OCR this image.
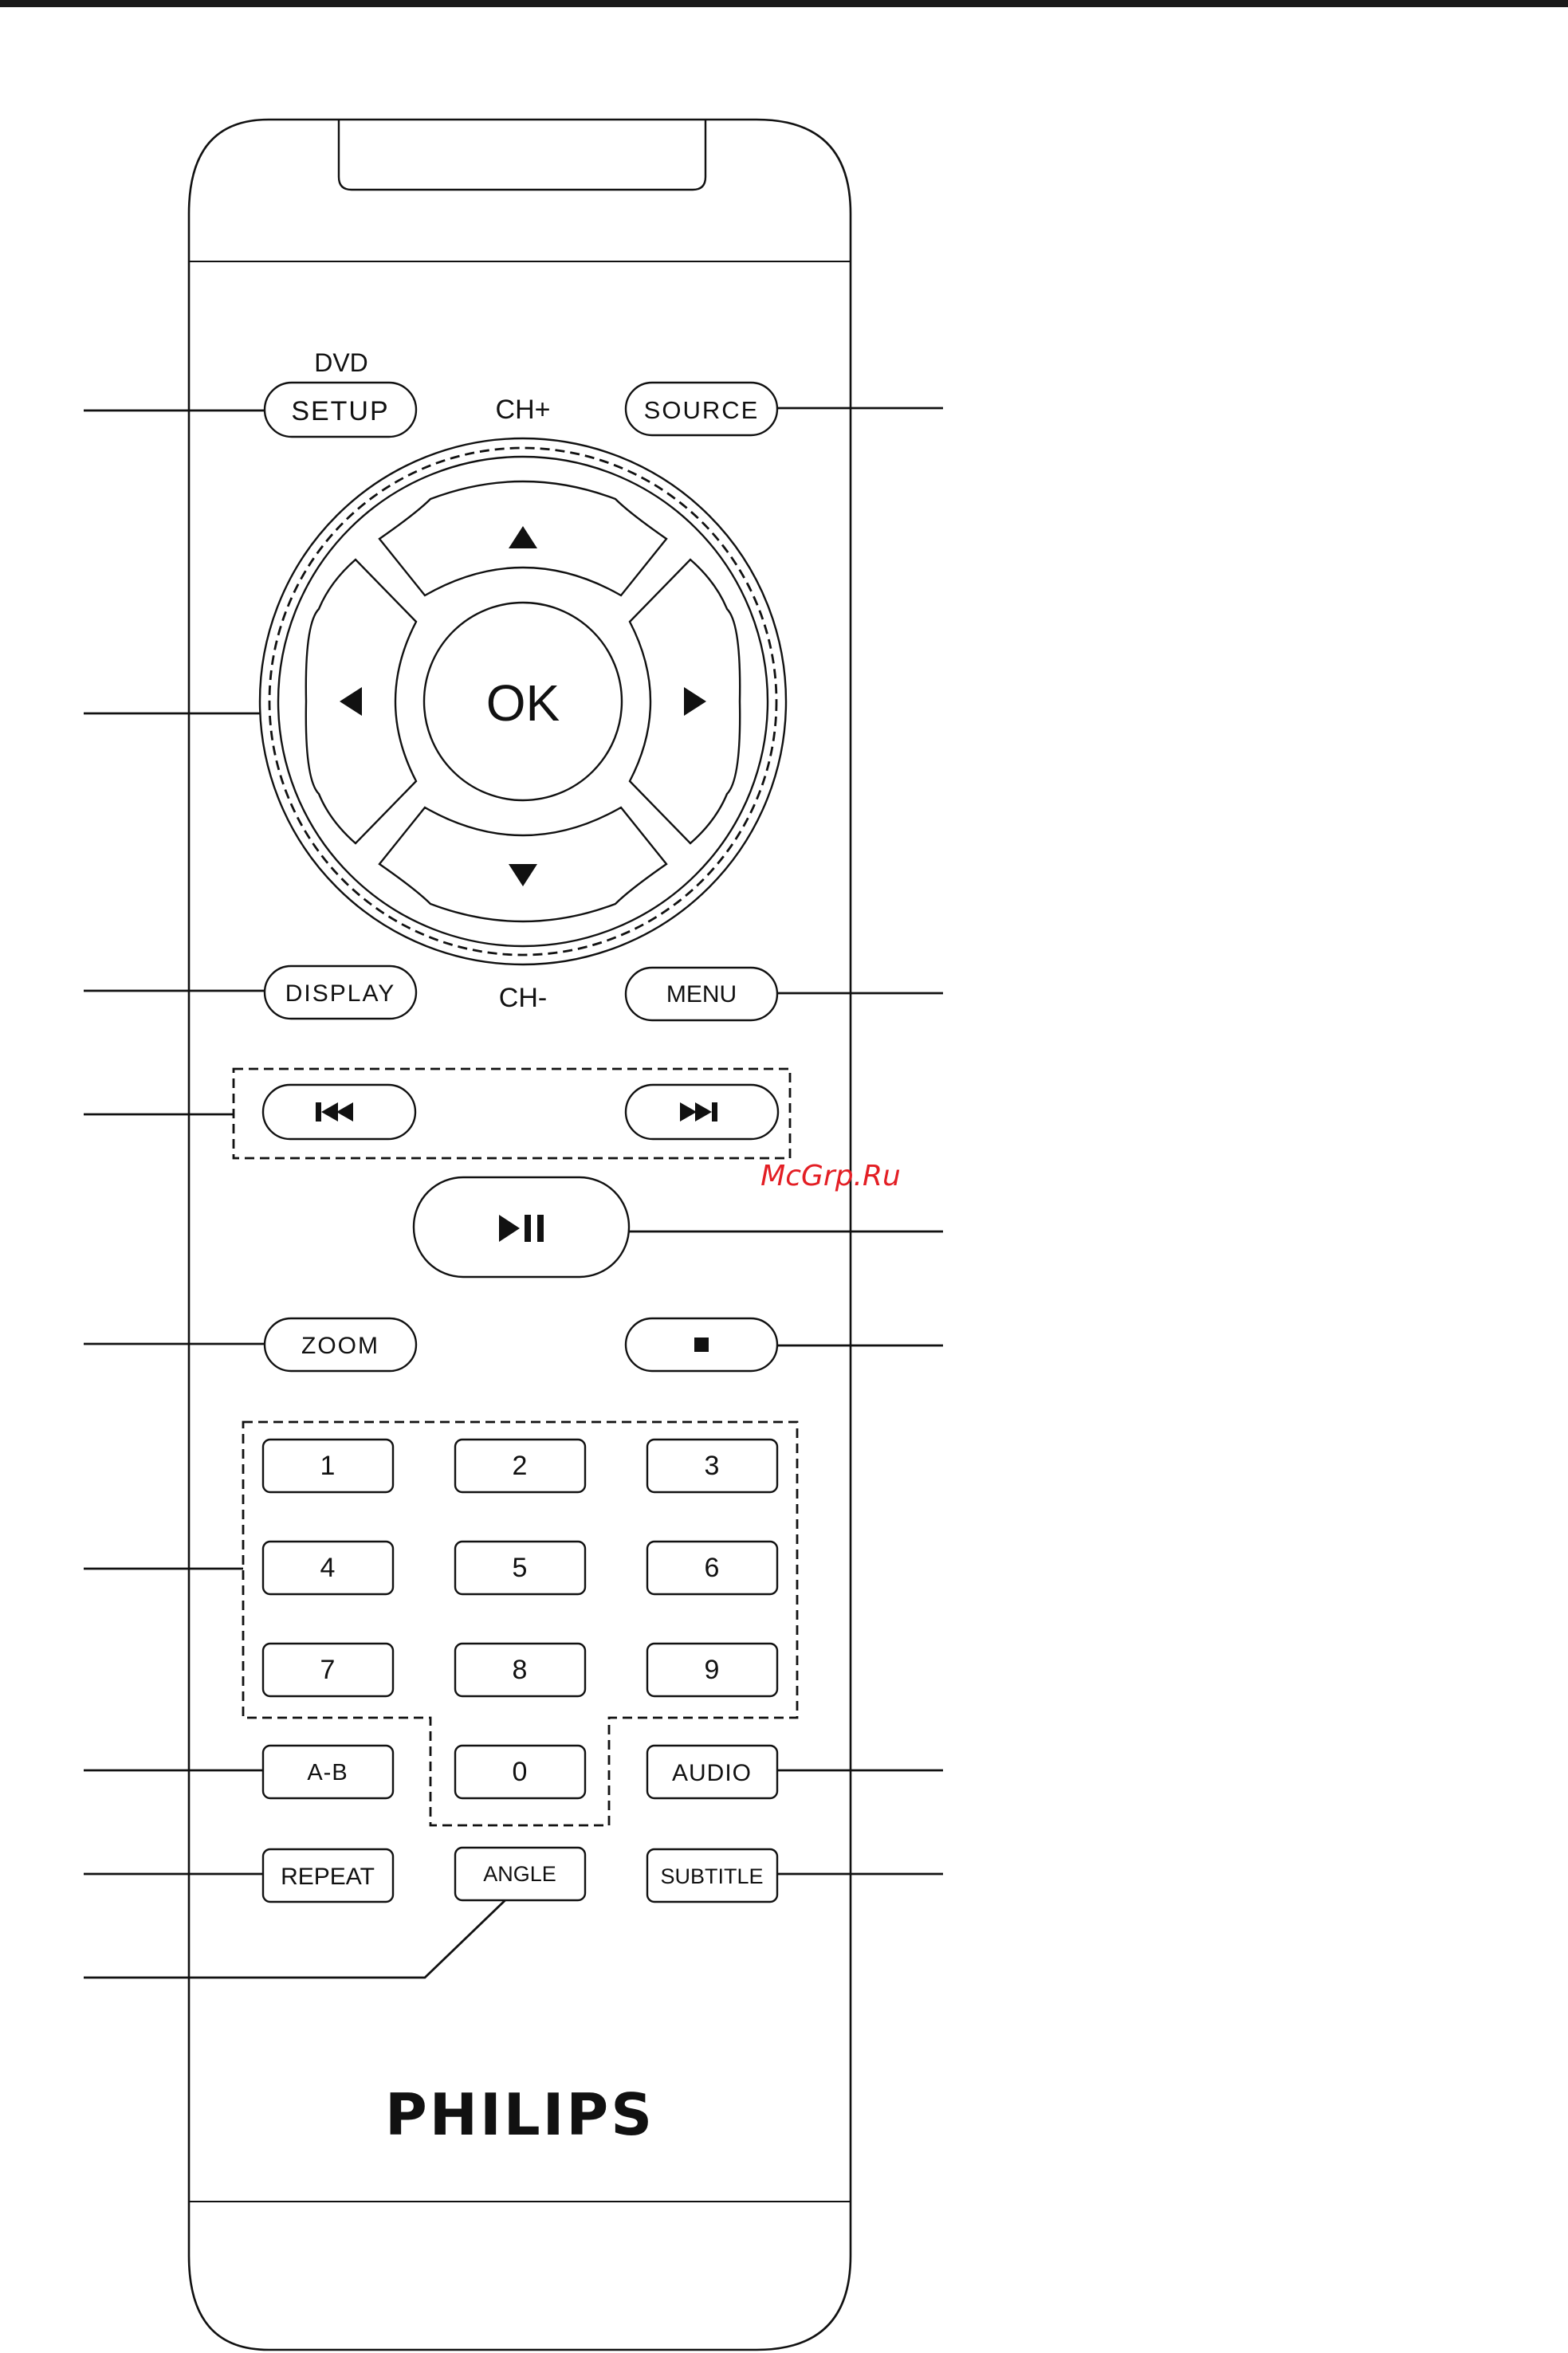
DVD
SETUP	CH+	SOURCE
OK
DISPLAY	CH-	MENU
McGrp.Ru
ZOOM
1	2	3
4	5	6
7	8	9
A-B	0	AUDIO
REPEAT	ANGLE	SUBTITLE
PHILIPS
